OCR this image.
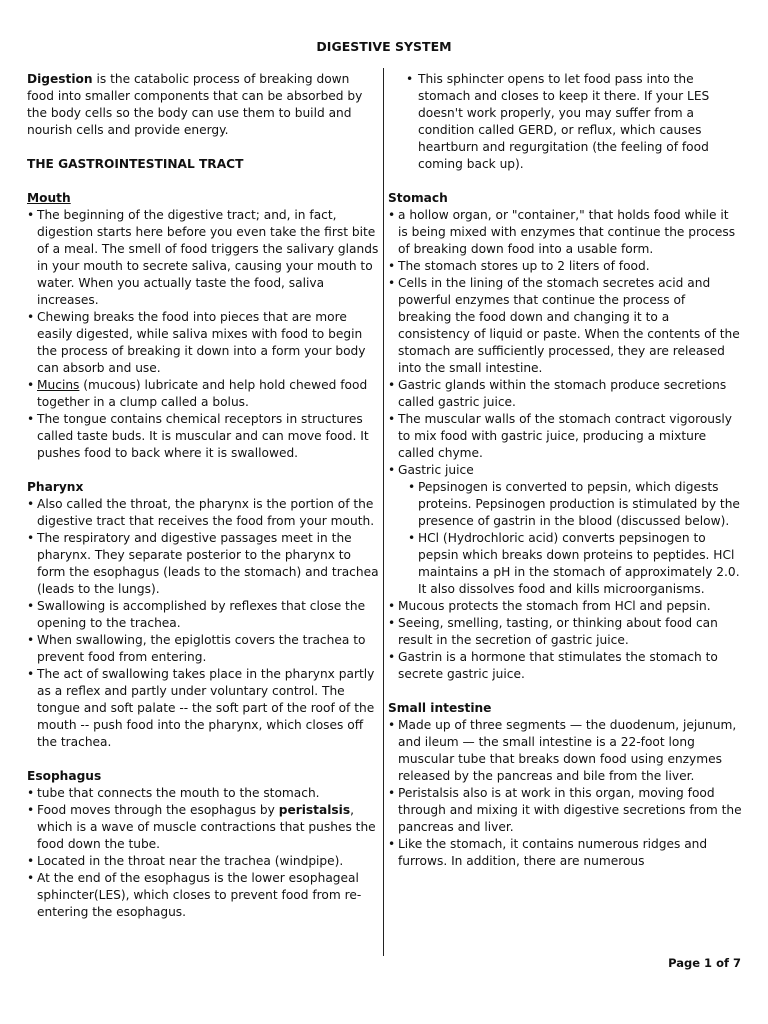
DIGESTIVE SYSTEM

Digestion is the catabolic process of breaking down food into smaller components that can be absorbed by the body cells so the body can use them to build and nourish cells and provide energy.

THE GASTROINTESTINAL TRACT

Mouth

• The beginning of the digestive tract; and, in fact, digestion starts here before you even take the first bite of a meal. The smell of food triggers the salivary glands in your mouth to secrete saliva, causing your mouth to water. When you actually taste the food, saliva increases.
• Chewing breaks the food into pieces that are more easily digested, while saliva mixes with food to begin the process of breaking it down into a form your body can absorb and use.
• Mucins (mucous) lubricate and help hold chewed food together in a clump called a bolus.
• The tongue contains chemical receptors in structures called taste buds. It is muscular and can move food. It pushes food to back where it is swallowed.

Pharynx

• Also called the throat, the pharynx is the portion of the digestive tract that receives the food from your mouth.
• The respiratory and digestive passages meet in the pharynx. They separate posterior to the pharynx to form the esophagus (leads to the stomach) and trachea (leads to the lungs).
• Swallowing is accomplished by reflexes that close the opening to the trachea.
• When swallowing, the epiglottis covers the trachea to prevent food from entering.
• The act of swallowing takes place in the pharynx partly as a reflex and partly under voluntary control. The tongue and soft palate -- the soft part of the roof of the mouth -- push food into the pharynx, which closes off the trachea.

Esophagus

• tube that connects the mouth to the stomach.
• Food moves through the esophagus by peristalsis, which is a wave of muscle contractions that pushes the food down the tube.
• Located in the throat near the trachea (windpipe).
• At the end of the esophagus is the lower esophageal sphincter(LES), which closes to prevent food from re-entering the esophagus.
• This sphincter opens to let food pass into the stomach and closes to keep it there. If your LES doesn't work properly, you may suffer from a condition called GERD, or reflux, which causes heartburn and regurgitation (the feeling of food coming back up).

Stomach

• a hollow organ, or "container," that holds food while it is being mixed with enzymes that continue the process of breaking down food into a usable form.
• The stomach stores up to 2 liters of food.
• Cells in the lining of the stomach secretes acid and powerful enzymes that continue the process of breaking the food down and changing it to a consistency of liquid or paste. When the contents of the stomach are sufficiently processed, they are released into the small intestine.
• Gastric glands within the stomach produce secretions called gastric juice.
• The muscular walls of the stomach contract vigorously to mix food with gastric juice, producing a mixture called chyme.
• Gastric juice
• Pepsinogen is converted to pepsin, which digests proteins. Pepsinogen production is stimulated by the presence of gastrin in the blood (discussed below).
• HCl (Hydrochloric acid) converts pepsinogen to pepsin which breaks down proteins to peptides. HCl maintains a pH in the stomach of approximately 2.0. It also dissolves food and kills microorganisms.
• Mucous protects the stomach from HCl and pepsin.
• Seeing, smelling, tasting, or thinking about food can result in the secretion of gastric juice.
• Gastrin is a hormone that stimulates the stomach to secrete gastric juice.

Small intestine

• Made up of three segments — the duodenum, jejunum, and ileum — the small intestine is a 22-foot long muscular tube that breaks down food using enzymes released by the pancreas and bile from the liver.
• Peristalsis also is at work in this organ, moving food through and mixing it with digestive secretions from the pancreas and liver.
• Like the stomach, it contains numerous ridges and furrows. In addition, there are numerous
Page 1 of 7
